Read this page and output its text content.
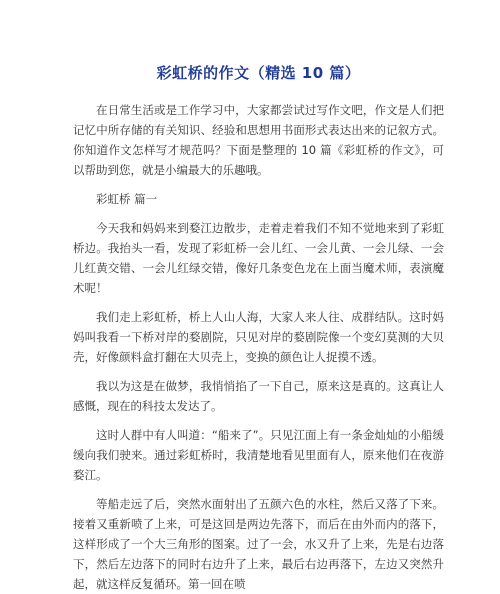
彩虹桥的作文（精选 10 篇）

在日常生活或是工作学习中，大家都尝试过写作文吧，作文是人们把记忆中所存储的有关知识、经验和思想用书面形式表达出来的记叙方式。你知道作文怎样写才规范吗？下面是整理的 10 篇《彩虹桥的作文》，可以帮助到您，就是小编最大的乐趣哦。

彩虹桥 篇一

今天我和妈妈来到婺江边散步，走着走着我们不知不觉地来到了彩虹桥边。我抬头一看，发现了彩虹桥一会儿红、一会儿黄、一会儿绿、一会儿红黄交错、一会儿红绿交错，像好几条变色龙在上面当魔术师，表演魔术呢！

我们走上彩虹桥，桥上人山人海，大家人来人往、成群结队。这时妈妈叫我看一下桥对岸的婺剧院，只见对岸的婺剧院像一个变幻莫测的大贝壳，好像颜料盒打翻在大贝壳上，变换的颜色让人捉摸不透。

我以为这是在做梦，我悄悄掐了一下自己，原来这是真的。这真让人感慨，现在的科技太发达了。

这时人群中有人叫道：“船来了”。只见江面上有一条金灿灿的小船缓缓向我们驶来。通过彩虹桥时，我清楚地看见里面有人，原来他们在夜游婺江。

等船走远了后，突然水面射出了五颜六色的水柱，然后又落了下来。接着又重新喷了上来，可是这回是两边先落下，而后在由外而内的落下，这样形成了一个大三角形的图案。过了一会，水又升了上来，先是右边落下，然后左边落下的同时右边升了上来，最后右边再落下，左边又突然升起，就这样反复循环。第一回在喷
